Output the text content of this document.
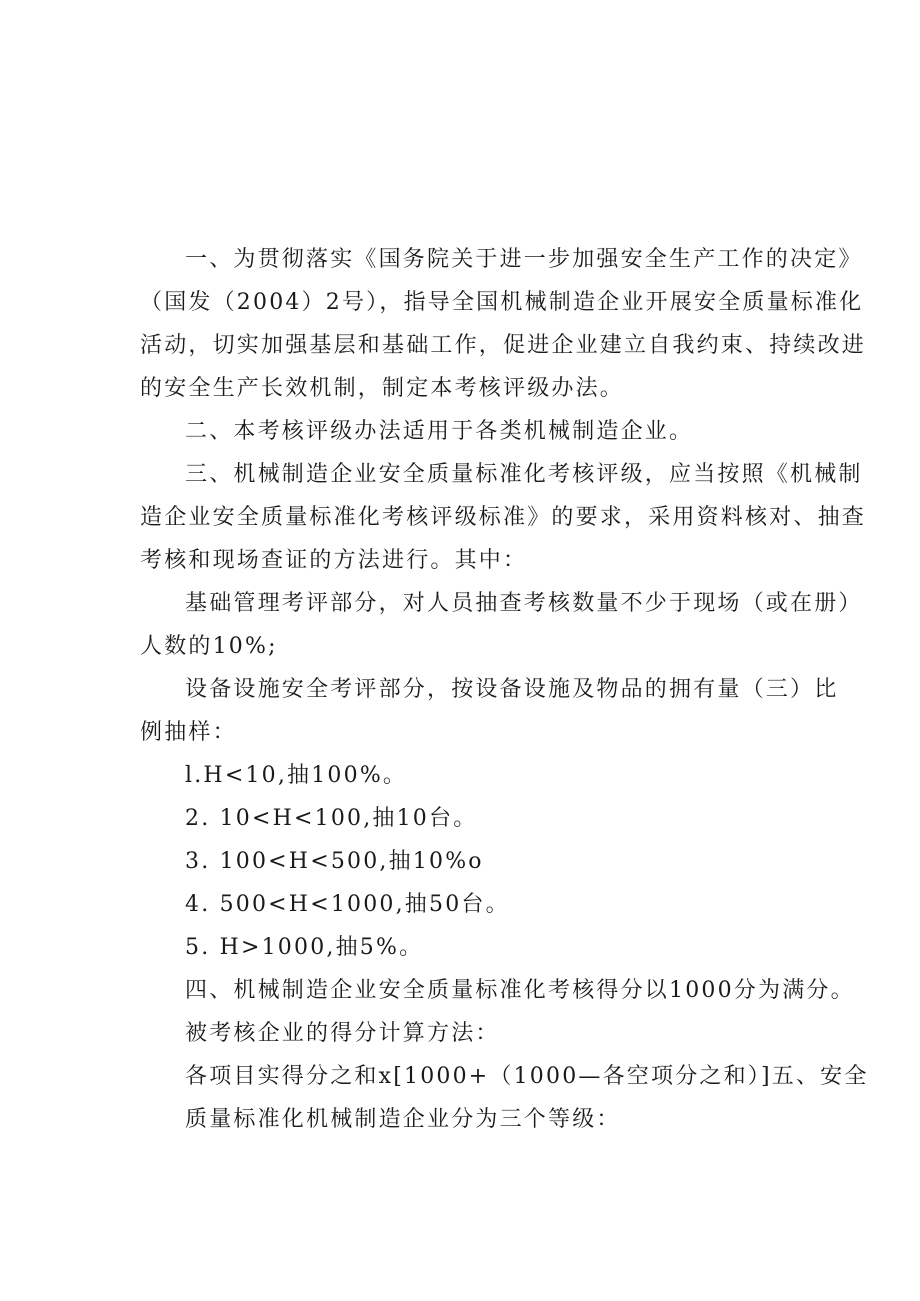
一、为贯彻落实《国务院关于进一步加强安全生产工作的决定》
（国发（2004）2号），指导全国机械制造企业开展安全质量标准化
活动，切实加强基层和基础工作，促进企业建立自我约束、持续改进
的安全生产长效机制，制定本考核评级办法。
二、本考核评级办法适用于各类机械制造企业。
三、机械制造企业安全质量标准化考核评级，应当按照《机械制
造企业安全质量标准化考核评级标准》的要求，采用资料核对、抽查
考核和现场查证的方法进行。其中：
基础管理考评部分，对人员抽查考核数量不少于现场（或在册）
人数的10%;
设备设施安全考评部分，按设备设施及物品的拥有量（三）比
例抽样：
l.H<10,抽100%。
2. 10<H<100,抽10台。
3. 100<H<500,抽10%o
4. 500<H<1000,抽50台。
5. H>1000,抽5%。
四、机械制造企业安全质量标准化考核得分以1000分为满分。
被考核企业的得分计算方法：
各项目实得分之和x[1000+（1000—各空项分之和）]五、安全
质量标准化机械制造企业分为三个等级：
